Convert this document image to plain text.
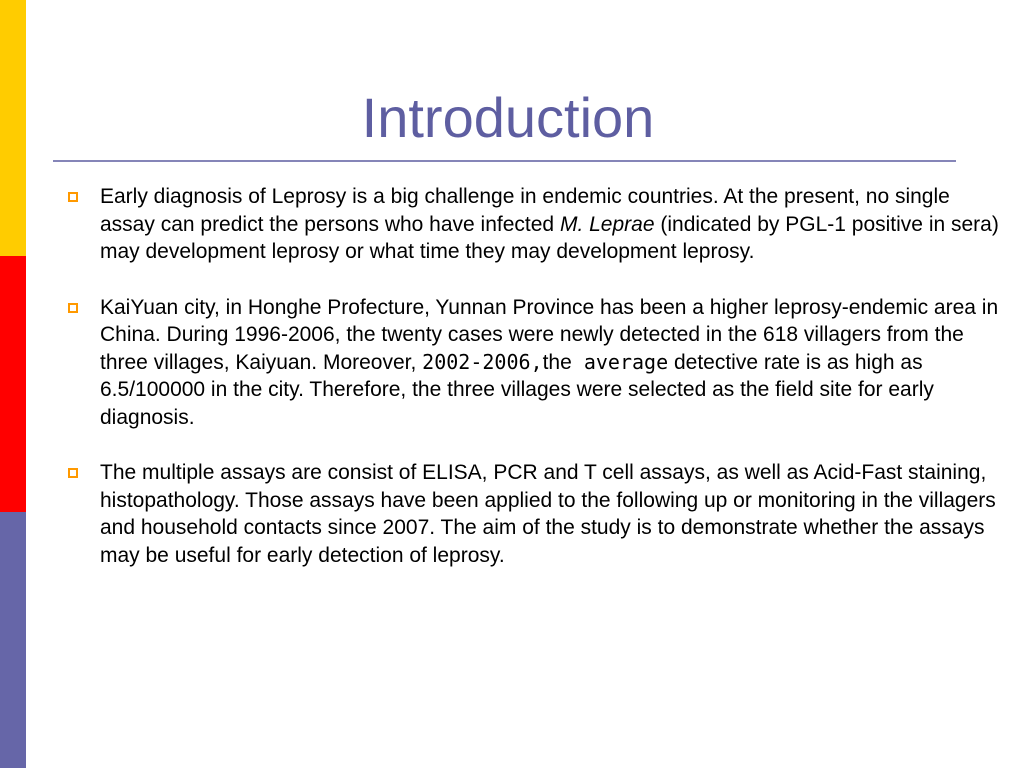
Introduction
Early diagnosis of Leprosy is a big challenge in endemic countries. At the present, no single assay can predict the persons who have infected M. Leprae (indicated by PGL-1 positive in sera) may development leprosy or what time they may development leprosy.
KaiYuan city, in Honghe Profecture, Yunnan Province has been a higher leprosy-endemic area in China. During 1996-2006, the twenty cases were newly detected in the 618 villagers from the three villages, Kaiyuan. Moreover, 2002-2006,the average detective rate is as high as 6.5/100000 in the city. Therefore, the three villages were selected as the field site for early diagnosis.
The multiple assays are consist of ELISA, PCR and T cell assays, as well as Acid-Fast staining, histopathology. Those assays have been applied to the following up or monitoring in the villagers and household contacts since 2007. The aim of the study is to demonstrate whether the assays may be useful for early detection of leprosy.
